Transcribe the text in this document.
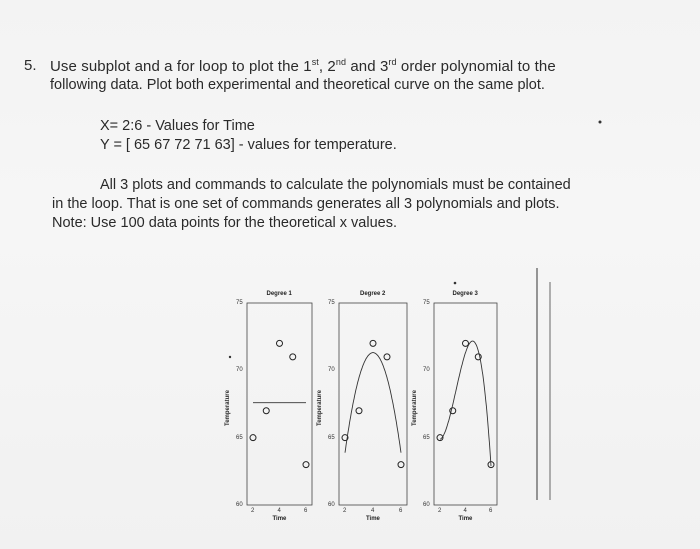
5. Use subplot and a for loop to plot the 1st, 2nd and 3rd order polynomial to the
following data. Plot both experimental and theoretical curve on the same plot.
X= 2:6 - Values for Time
Y = [ 65 67 72 71 63] - values for temperature.
All 3 plots and commands to calculate the polynomials must be contained
in the loop. That is one set of commands generates all 3 polynomials and plots.
Note: Use 100 data points for the theoretical x values.
Degree 1
Time
Temperature
75
70
65
60
2	4	6
Degree 2
Time
Temperature
75
70
65
60
2	4	6
Degree 3
Time
Temperature
75
70
65
60
2	4	6
